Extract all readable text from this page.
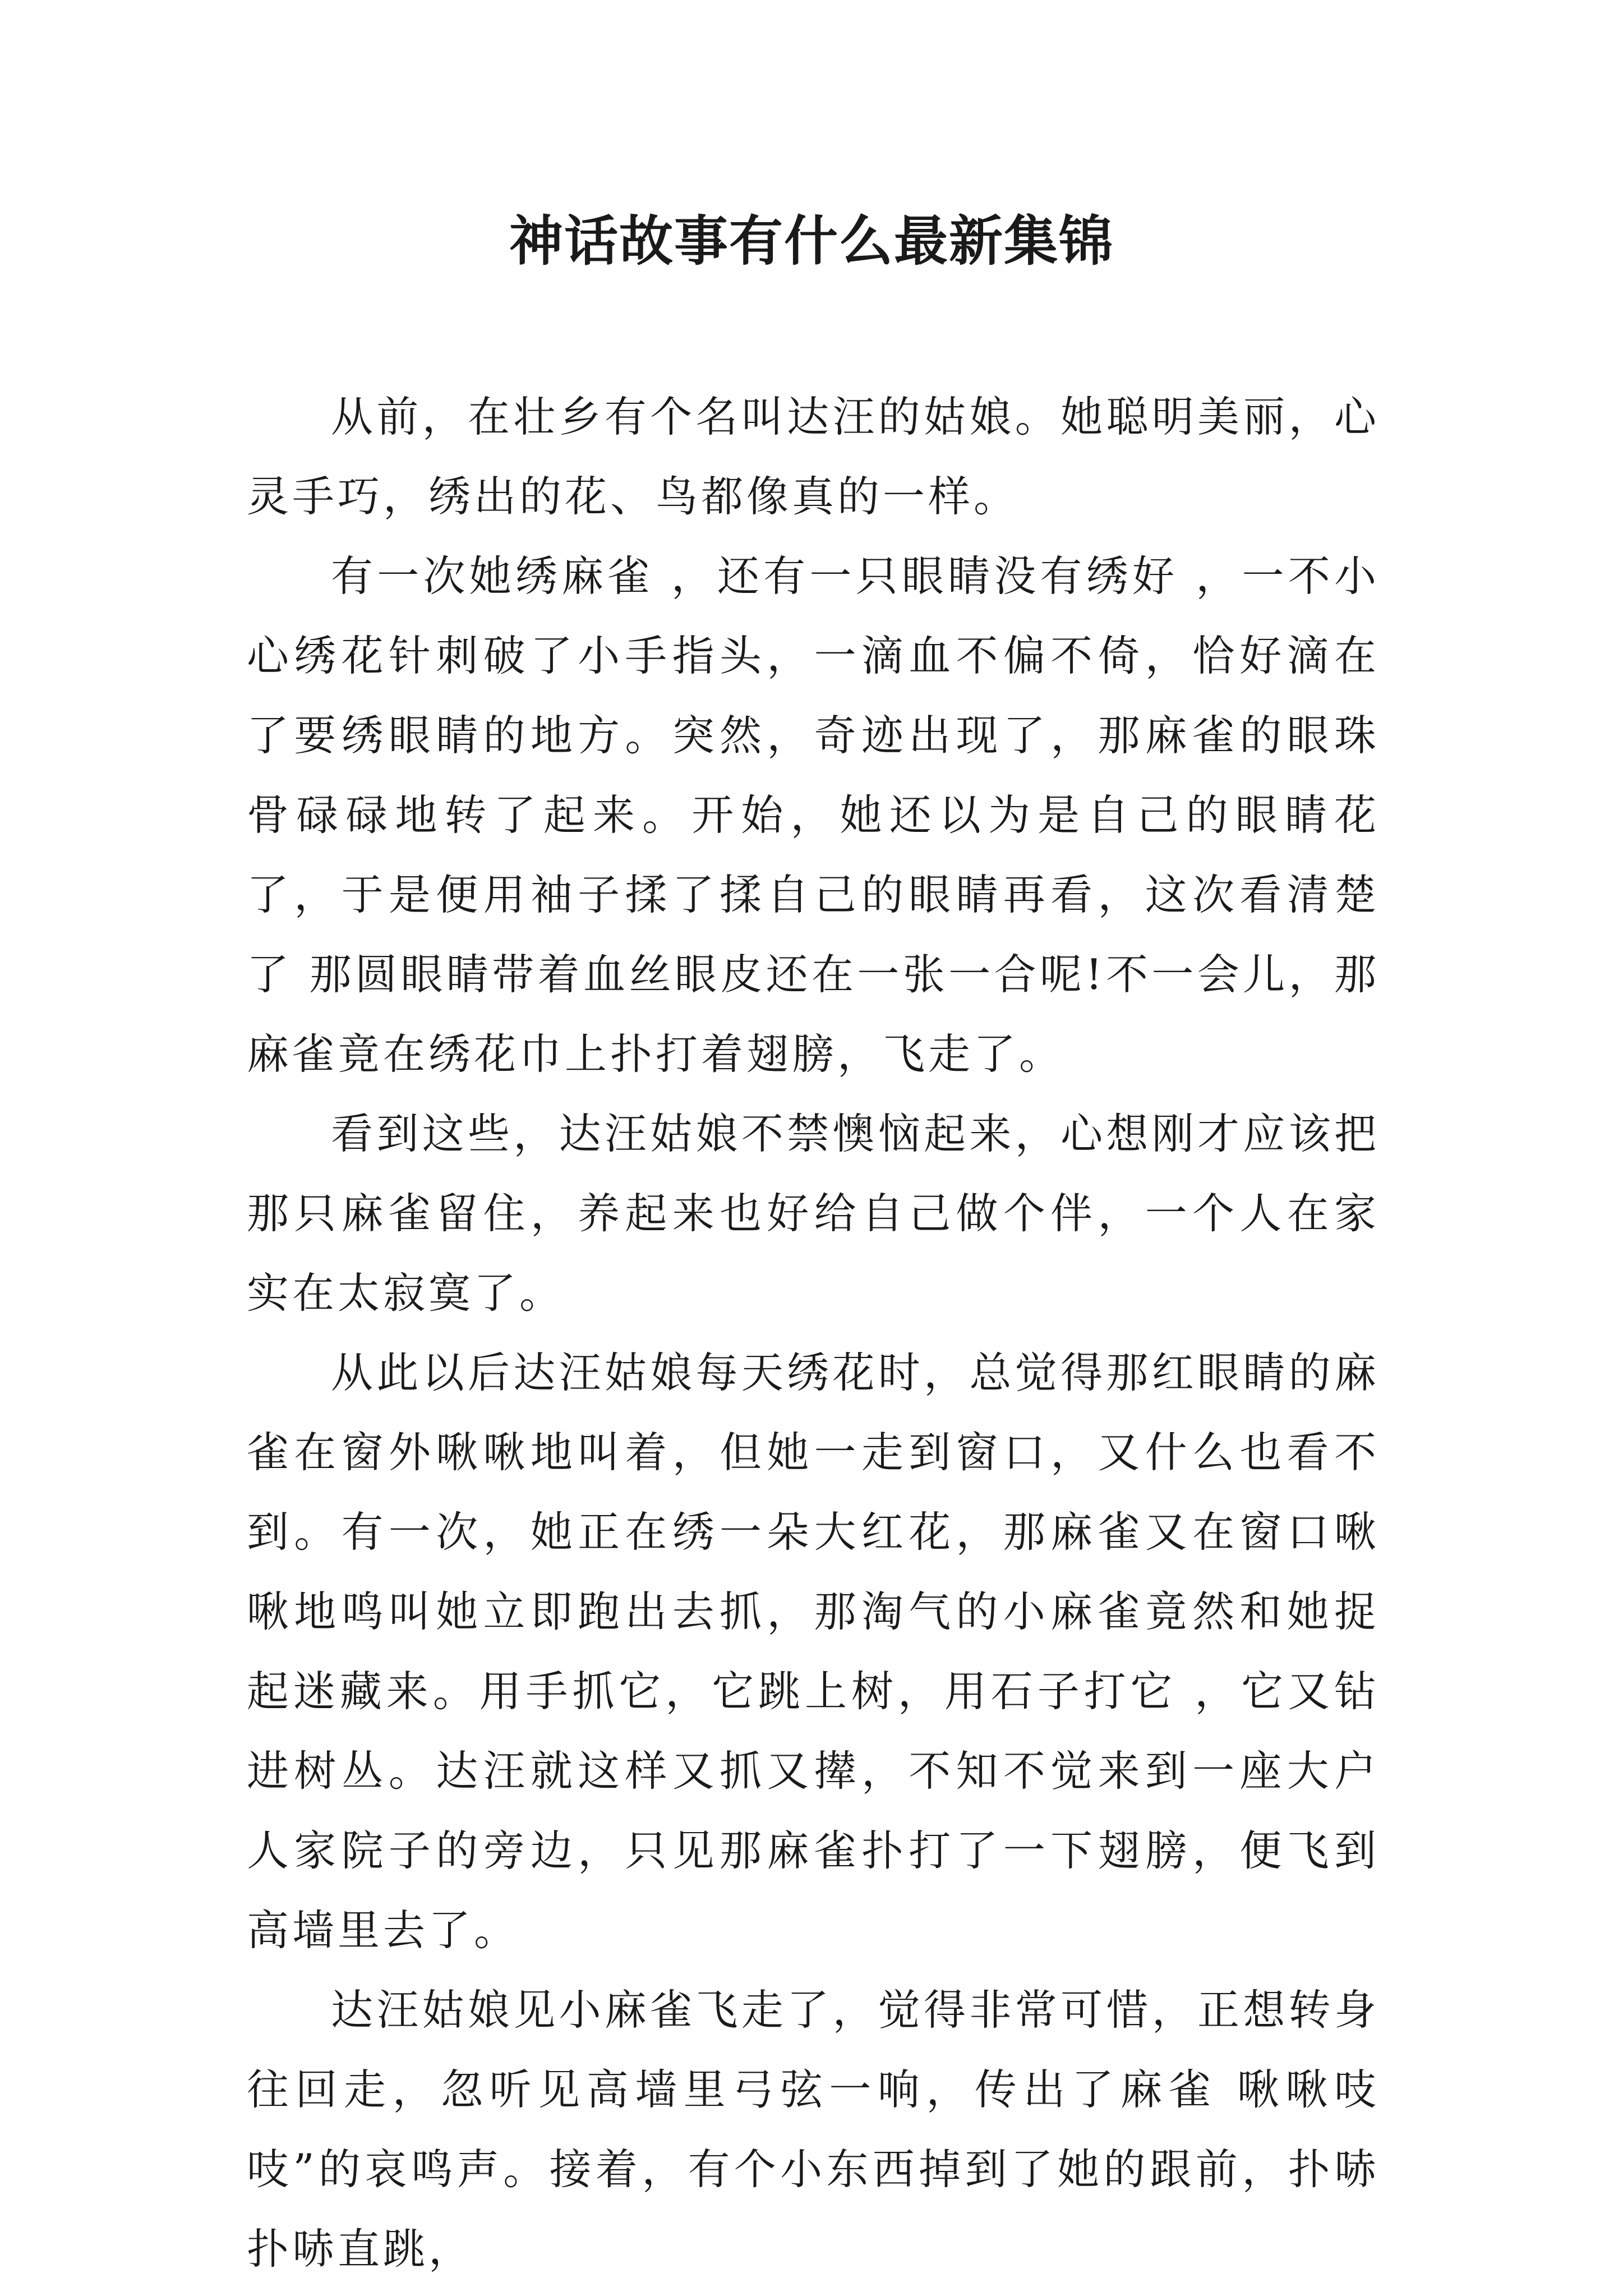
神话故事有什么最新集锦

从前，在壮乡有个名叫达汪的姑娘。她聪明美丽，心灵手巧，绣出的花、鸟都像真的一样。

有一次她绣麻雀 ，还有一只眼睛没有绣好 ，一不小心绣花针刺破了小手指头，一滴血不偏不倚，恰好滴在了要绣眼睛的地方。突然，奇迹出现了，那麻雀的眼珠骨碌碌地转了起来。开始，她还以为是自己的眼睛花了，于是便用袖子揉了揉自己的眼睛再看，这次看清楚了 那圆眼睛带着血丝眼皮还在一张一合呢!不一会儿，那麻雀竟在绣花巾上扑打着翅膀，飞走了。

看到这些，达汪姑娘不禁懊恼起来，心想刚才应该把那只麻雀留住，养起来也好给自己做个伴，一个人在家实在太寂寞了。

从此以后达汪姑娘每天绣花时，总觉得那红眼睛的麻雀在窗外啾啾地叫着，但她一走到窗口，又什么也看不到。有一次，她正在绣一朵大红花，那麻雀又在窗口啾啾地鸣叫她立即跑出去抓，那淘气的小麻雀竟然和她捉起迷藏来。用手抓它，它跳上树，用石子打它 ，它又钻进树丛。达汪就这样又抓又撵，不知不觉来到一座大户人家院子的旁边，只见那麻雀扑打了一下翅膀，便飞到高墙里去了。

达汪姑娘见小麻雀飞走了，觉得非常可惜，正想转身往回走，忽听见高墙里弓弦一响，传出了麻雀 啾啾吱吱”的哀鸣声。接着，有个小东西掉到了她的跟前，扑哧扑哧直跳，
